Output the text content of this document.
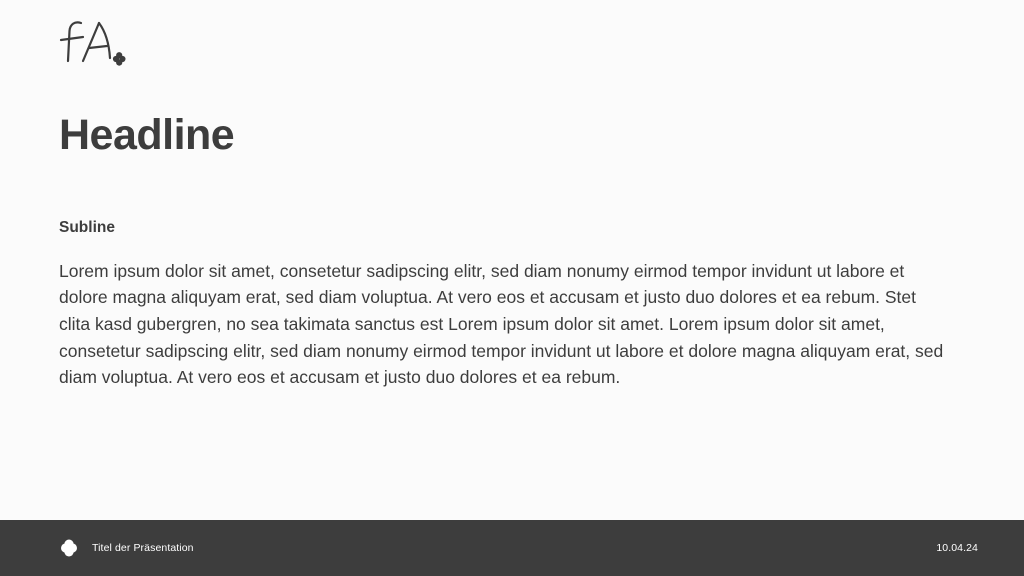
Headline
Subline

Lorem ipsum dolor sit amet, consetetur sadipscing elitr, sed diam nonumy eirmod tempor invidunt ut labore et dolore magna aliquyam erat, sed diam voluptua. At vero eos et accusam et justo duo dolores et ea rebum. Stet clita kasd gubergren, no sea takimata sanctus est Lorem ipsum dolor sit amet. Lorem ipsum dolor sit amet, consetetur sadipscing elitr, sed diam nonumy eirmod tempor invidunt ut labore et dolore magna aliquyam erat, sed diam voluptua. At vero eos et accusam et justo duo dolores et ea rebum.

Titel der Präsentation	10.04.24
